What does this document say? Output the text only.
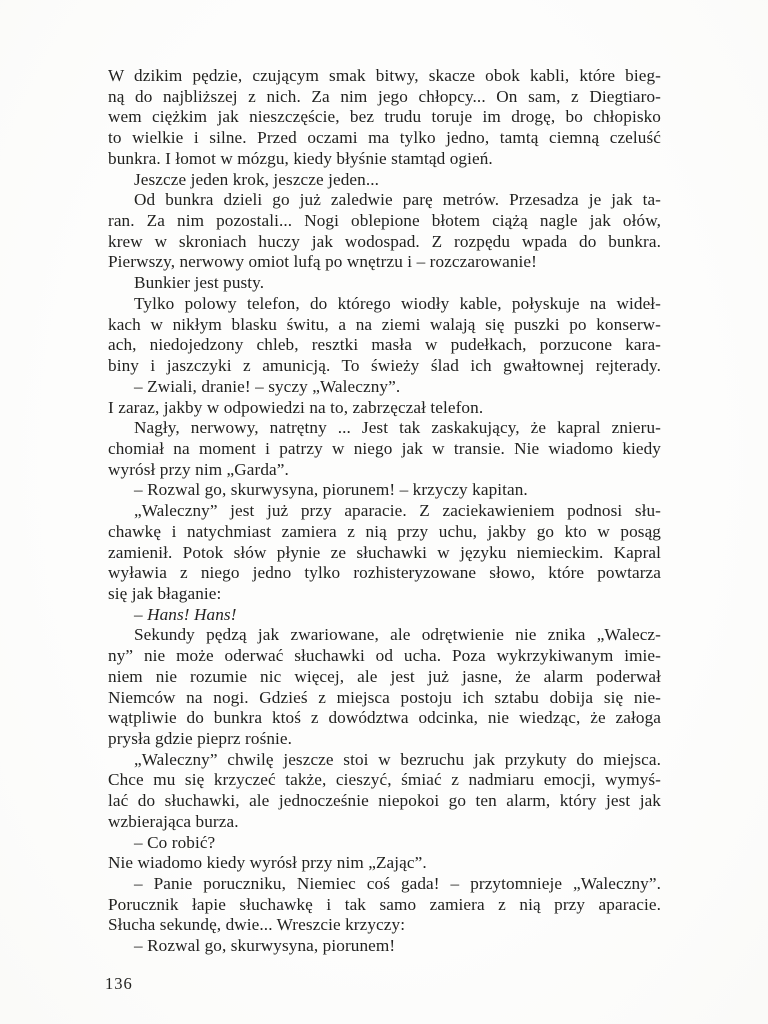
W dzikim pędzie, czującym smak bitwy, skacze obok kabli, które bieg-
ną do najbliższej z nich. Za nim jego chłopcy... On sam, z Diegtiaro-
wem ciężkim jak nieszczęście, bez trudu toruje im drogę, bo chłopisko
to wielkie i silne. Przed oczami ma tylko jedno, tamtą ciemną czeluść
bunkra. I łomot w mózgu, kiedy błyśnie stamtąd ogień.
Jeszcze jeden krok, jeszcze jeden...
Od bunkra dzieli go już zaledwie parę metrów. Przesadza je jak ta-
ran. Za nim pozostali... Nogi oblepione błotem ciążą nagle jak ołów,
krew w skroniach huczy jak wodospad. Z rozpędu wpada do bunkra.
Pierwszy, nerwowy omiot lufą po wnętrzu i – rozczarowanie!
Bunkier jest pusty.
Tylko polowy telefon, do którego wiodły kable, połyskuje na wideł-
kach w nikłym blasku świtu, a na ziemi walają się puszki po konserw-
ach, niedojedzony chleb, resztki masła w pudełkach, porzucone kara-
biny i jaszczyki z amunicją. To świeży ślad ich gwałtownej rejterady.
– Zwiali, dranie! – syczy „Waleczny”.
I zaraz, jakby w odpowiedzi na to, zabrzęczał telefon.
Nagły, nerwowy, natrętny ... Jest tak zaskakujący, że kapral znieru-
chomiał na moment i patrzy w niego jak w transie. Nie wiadomo kiedy
wyrósł przy nim „Garda”.
– Rozwal go, skurwysyna, piorunem! – krzyczy kapitan.
„Waleczny” jest już przy aparacie. Z zaciekawieniem podnosi słu-
chawkę i natychmiast zamiera z nią przy uchu, jakby go kto w posąg
zamienił. Potok słów płynie ze słuchawki w języku niemieckim. Kapral
wyławia z niego jedno tylko rozhisteryzowane słowo, które powtarza
się jak błaganie:
– Hans! Hans!
Sekundy pędzą jak zwariowane, ale odrętwienie nie znika „Walecz-
ny” nie może oderwać słuchawki od ucha. Poza wykrzykiwanym imie-
niem nie rozumie nic więcej, ale jest już jasne, że alarm poderwał
Niemców na nogi. Gdzieś z miejsca postoju ich sztabu dobija się nie-
wątpliwie do bunkra ktoś z dowództwa odcinka, nie wiedząc, że załoga
prysła gdzie pieprz rośnie.
„Waleczny” chwilę jeszcze stoi w bezruchu jak przykuty do miejsca.
Chce mu się krzyczeć także, cieszyć, śmiać z nadmiaru emocji, wymyś-
lać do słuchawki, ale jednocześnie niepokoi go ten alarm, który jest jak
wzbierająca burza.
– Co robić?
Nie wiadomo kiedy wyrósł przy nim „Zając”.
– Panie poruczniku, Niemiec coś gada! – przytomnieje „Waleczny”.
Porucznik łapie słuchawkę i tak samo zamiera z nią przy aparacie.
Słucha sekundę, dwie... Wreszcie krzyczy:
– Rozwal go, skurwysyna, piorunem!
136
